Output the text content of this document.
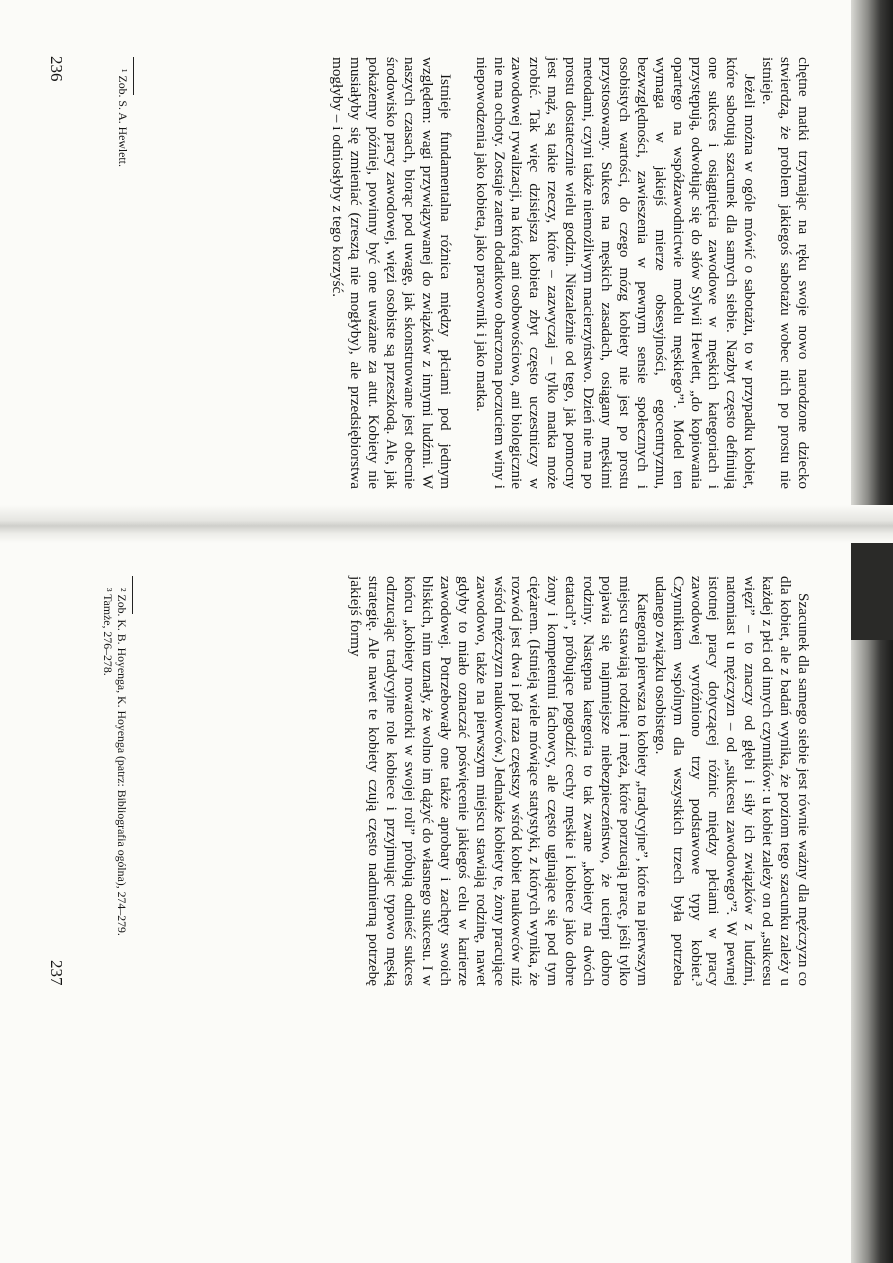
chętne matki trzymając na ręku swoje nowo narodzone dziecko stwierdzą, że problem jakiegoś sabotażu wobec nich po prostu nie istnieje.

Jeżeli można w ogóle mówić o sabotażu, to w przypadku kobiet, które sabotują szacunek dla samych siebie. Nazbyt często definiują one sukces i osiągnięcia zawodowe w męskich kategoriach i przystępują, odwołując się do słów Sylwii Hewlett, „do kopiowania opartego na współzawodnictwie modelu męskiego”¹. Model ten wymaga w jakiejś mierze obsesyjności, egocentryzmu, bezwzględności, zawieszenia w pewnym sensie społecznych i osobistych wartości, do czego mózg kobiety nie jest po prostu przystosowany. Sukces na męskich zasadach, osiągany męskimi metodami, czyni także niemożliwym macierzyństwo. Dzień nie ma po prostu dostatecznie wielu godzin. Niezależnie od tego, jak pomocny jest mąż, są takie rzeczy, które – zazwyczaj – tylko matka może zrobić. Tak więc dzisiejsza kobieta zbyt często uczestniczy w zawodowej rywalizacji, na którą ani osobowościowo, ani biologicznie nie ma ochoty. Zostaje zatem dodatkowo obarczona poczuciem winy i niepowodzenia jako kobieta, jako pracownik i jako matka.

Istnieje fundamentalna różnica między płciami pod jednym względem: wagi przywiązywanej do związków z innymi ludźmi. W naszych czasach, biorąc pod uwagę, jak skonstruowane jest obecnie środowisko pracy zawodowej, więzi osobiste są przeszkodą. Ale, jak pokażemy później, powinny być one uważane za atut. Kobiety nie musiałyby się zmieniać (zresztą nie mogłyby), ale przedsiębiorstwa mogłyby – i odniosłyby z tego korzyść.

¹ Zob. S. A. Hewlett.

236

Szacunek dla samego siebie jest równie ważny dla mężczyzn co dla kobiet, ale z badań wynika, że poziom tego szacunku zależy u każdej z płci od innych czynników: u kobiet zależy on od „sukcesu więzi” – to znaczy od głębi i siły ich związków z ludźmi, natomiast u mężczyzn – od „sukcesu zawodowego”². W pewnej istotnej pracy dotyczącej różnic między płciami w pracy zawodowej wyróżniono trzy podstawowe typy kobiet.³ Czynnikiem wspólnym dla wszystkich trzech była potrzeba udanego związku osobistego.

Kategoria pierwsza to kobiety „tradycyjne”, które na pierwszym miejscu stawiają rodzinę i męża, które porzucają pracę, jeśli tylko pojawia się najmniejsze niebezpieczeństwo, że ucierpi dobro rodziny. Następna kategoria to tak zwane „kobiety na dwóch etatach”, próbujące pogodzić cechy męskie i kobiece jako dobre żony i kompetentni fachowcy, ale często uginające się pod tym ciężarem. (Istnieją wiele mówiące statystyki, z których wynika, że rozwód jest dwa i pół raza częstszy wśród kobiet naukowców niż wśród mężczyzn naukowców.) Jednakże kobiety te, żony pracujące zawodowo, także na pierwszym miejscu stawiają rodzinę, nawet gdyby to miało oznaczać poświęcenie jakiegoś celu w karierze zawodowej. Potrzebowały one także aprobaty i zachęty swoich bliskich, nim uznały, że wolno im dążyć do własnego sukcesu. I w końcu „kobiety nowatorki w swojej roli” próbują odnieść sukces odrzucając tradycyjne role kobiece i przyjmując typowo męską strategię. Ale nawet te kobiety czują często nadmierną potrzebę jakiejś formy

² Zob. K. B. Hoyenga, K. Hoyenga (patrz: Bibliografia ogólna), 274–279.

³ Tamże, 276–278.

237
